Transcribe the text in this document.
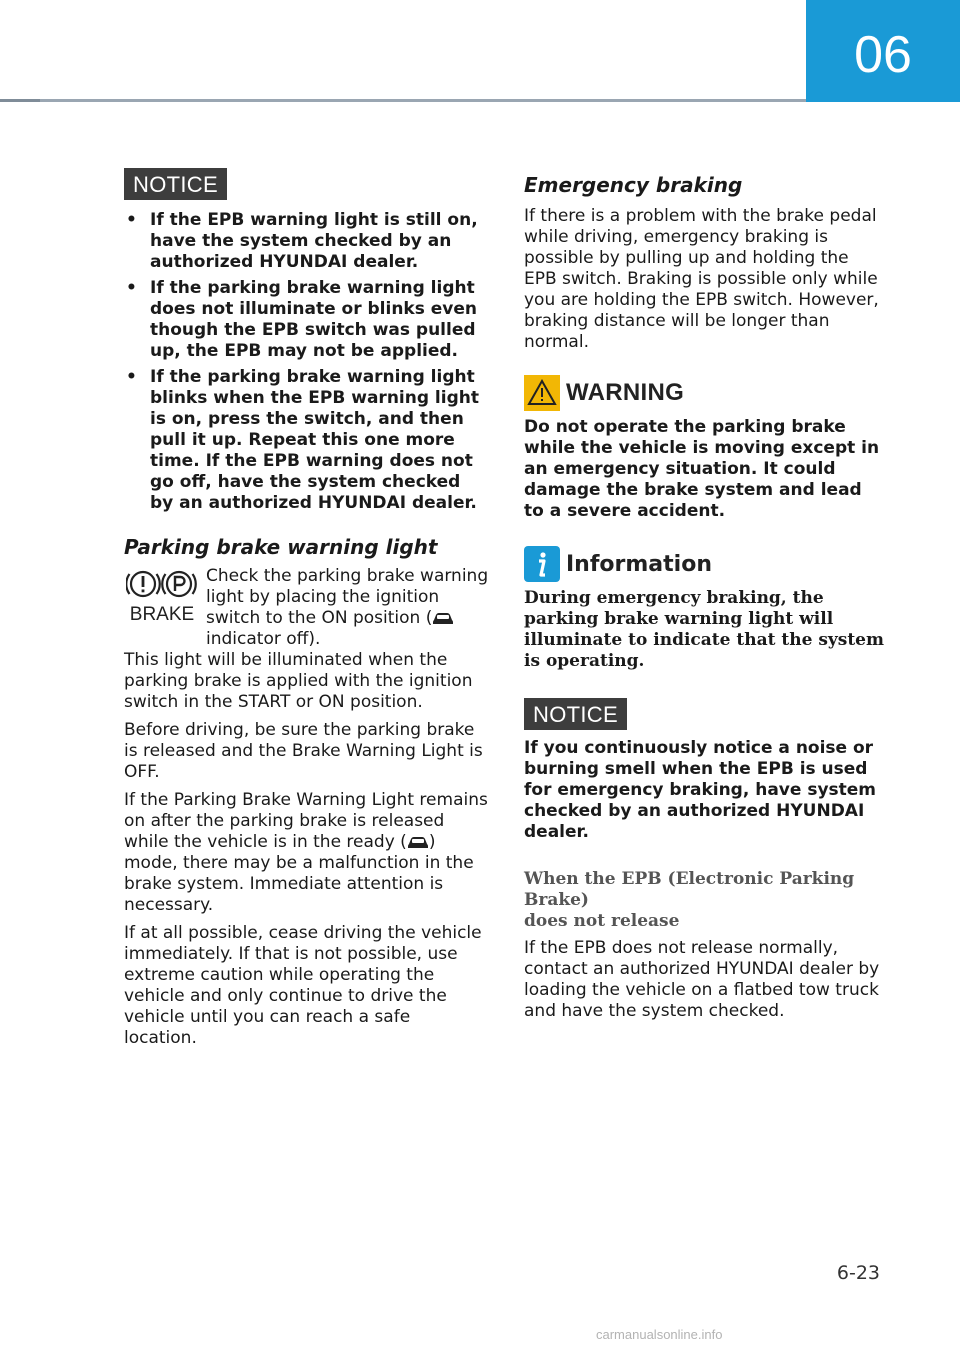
06
NOTICE
• If the EPB warning light is still on, have the system checked by an authorized HYUNDAI dealer.
• If the parking brake warning light does not illuminate or blinks even though the EPB switch was pulled up, the EPB may not be applied.
• If the parking brake warning light blinks when the EPB warning light is on, press the switch, and then pull it up. Repeat this one more time. If the EPB warning does not go off, have the system checked by an authorized HYUNDAI dealer.
Parking brake warning light
BRAKE
Check the parking brake warning light by placing the ignition switch to the ON position ( indicator off).

This light will be illuminated when the parking brake is applied with the ignition switch in the START or ON position.

Before driving, be sure the parking brake is released and the Brake Warning Light is OFF.

If the Parking Brake Warning Light remains on after the parking brake is released while the vehicle is in the ready ( ) mode, there may be a malfunction in the brake system. Immediate attention is necessary.

If at all possible, cease driving the vehicle immediately. If that is not possible, use extreme caution while operating the vehicle and only continue to drive the vehicle until you can reach a safe location.

Emergency braking

If there is a problem with the brake pedal while driving, emergency braking is possible by pulling up and holding the EPB switch. Braking is possible only while you are holding the EPB switch. However, braking distance will be longer than normal.

WARNING

Do not operate the parking brake while the vehicle is moving except in an emergency situation. It could damage the brake system and lead to a severe accident.

Information

During emergency braking, the parking brake warning light will illuminate to indicate that the system is operating.

NOTICE

If you continuously notice a noise or burning smell when the EPB is used for emergency braking, have system checked by an authorized HYUNDAI dealer.

When the EPB (Electronic Parking Brake)
does not release

If the EPB does not release normally, contact an authorized HYUNDAI dealer by loading the vehicle on a flatbed tow truck and have the system checked.

6-23
carmanualsonline.info
